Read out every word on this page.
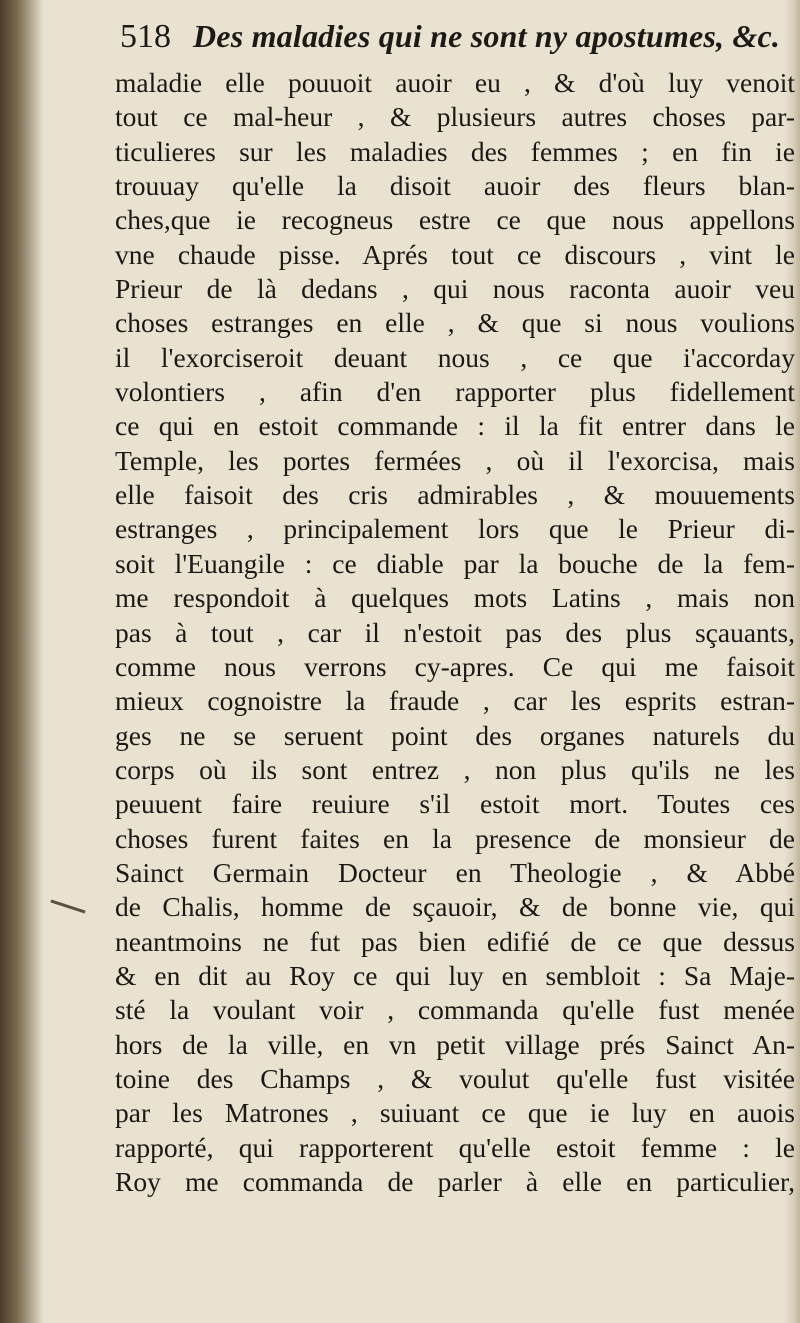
518 Des maladies qui ne sont ny apostumes, &c.
maladie elle pouuoit auoir eu , & d'où luy venoit
tout ce mal-heur , & plusieurs autres choses par-
ticulieres sur les maladies des femmes ; en fin ie
trouuay qu'elle la disoit auoir des fleurs blan-
ches,que ie recogneus estre ce que nous appellons
vne chaude pisse. Aprés tout ce discours , vint le
Prieur de là dedans , qui nous raconta auoir veu
choses estranges en elle , & que si nous voulions
il l'exorciseroit deuant nous , ce que i'accorday
volontiers , afin d'en rapporter plus fidellement
ce qui en estoit commande : il la fit entrer dans le
Temple, les portes fermées , où il l'exorcisa, mais
elle faisoit des cris admirables , & mouuements
estranges , principalement lors que le Prieur di-
soit l'Euangile : ce diable par la bouche de la fem-
me respondoit à quelques mots Latins , mais non
pas à tout , car il n'estoit pas des plus sçauants,
comme nous verrons cy-apres. Ce qui me faisoit
mieux cognoistre la fraude , car les esprits estran-
ges ne se seruent point des organes naturels du
corps où ils sont entrez , non plus qu'ils ne les
peuuent faire reuiure s'il estoit mort. Toutes ces
choses furent faites en la presence de monsieur de
Sainct Germain Docteur en Theologie , & Abbé
de Chalis, homme de sçauoir, & de bonne vie, qui
neantmoins ne fut pas bien edifié de ce que dessus
& en dit au Roy ce qui luy en sembloit : Sa Maje-
sté la voulant voir , commanda qu'elle fust menée
hors de la ville, en vn petit village prés Sainct An-
toine des Champs , & voulut qu'elle fust visitée
par les Matrones , suiuant ce que ie luy en auois
rapporté, qui rapporterent qu'elle estoit femme : le
Roy me commanda de parler à elle en particulier,
